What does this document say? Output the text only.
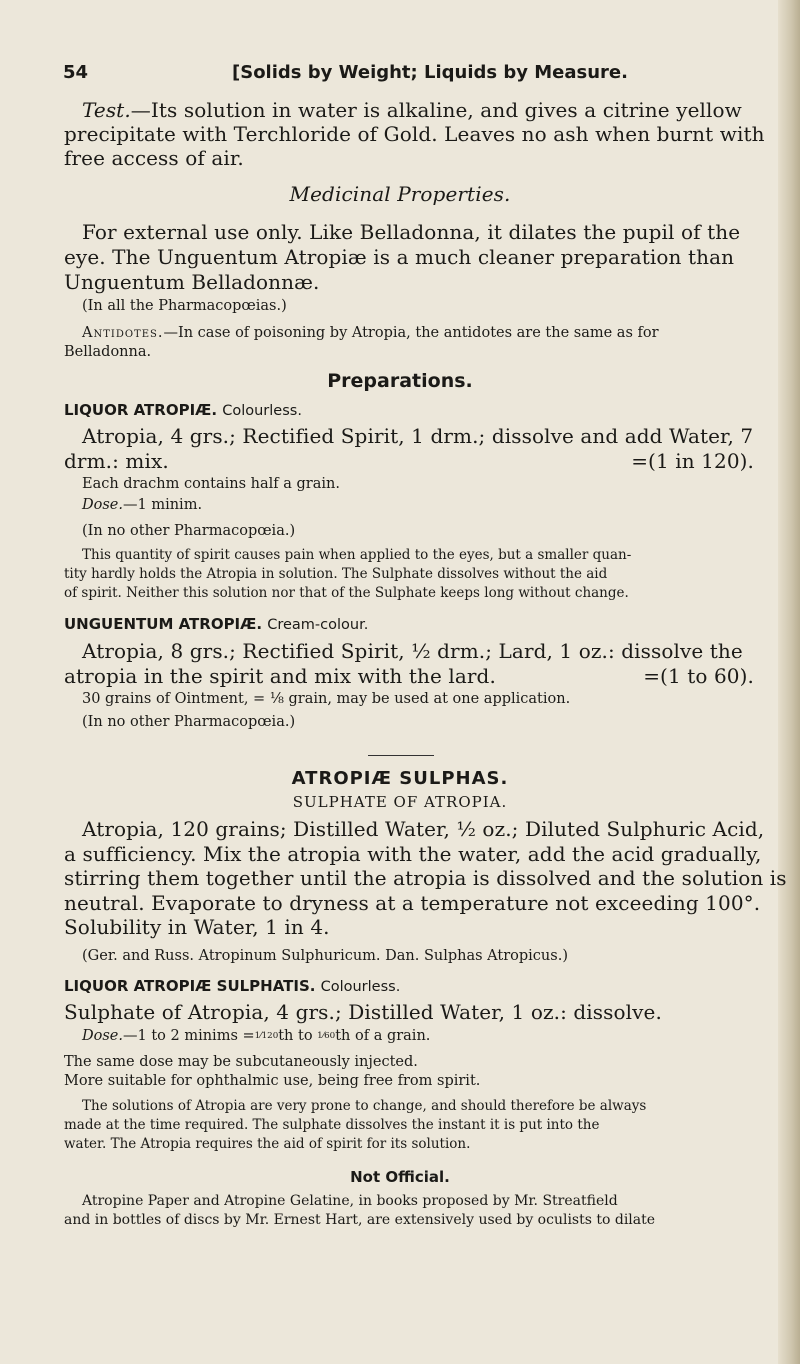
54	[Solids by Weight; Liquids by Measure.
Test.—Its solution in water is alkaline, and gives a citrine yellow
precipitate with Terchloride of Gold. Leaves no ash when burnt with
free access of air.
Medicinal Properties.
For external use only. Like Belladonna, it dilates the pupil of the
eye. The Unguentum Atropiæ is a much cleaner preparation than
Unguentum Belladonnæ.
(In all the Pharmacopœias.)
Antidotes.—In case of poisoning by Atropia, the antidotes are the same as for
Belladonna.
Preparations.
LIQUOR ATROPIÆ. Colourless.
Atropia, 4 grs.; Rectified Spirit, 1 drm.; dissolve and add Water, 7
drm.: mix.	=(1 in 120).
Each drachm contains half a grain.
Dose.—1 minim.
(In no other Pharmacopœia.)
This quantity of spirit causes pain when applied to the eyes, but a smaller quan-
tity hardly holds the Atropia in solution. The Sulphate dissolves without the aid
of spirit. Neither this solution nor that of the Sulphate keeps long without change.
UNGUENTUM ATROPIÆ. Cream-colour.
Atropia, 8 grs.; Rectified Spirit, ½ drm.; Lard, 1 oz.: dissolve the
atropia in the spirit and mix with the lard.	=(1 to 60).
30 grains of Ointment, = ⅛ grain, may be used at one application.
(In no other Pharmacopœia.)
ATROPIÆ SULPHAS.
SULPHATE OF ATROPIA.
Atropia, 120 grains; Distilled Water, ½ oz.; Diluted Sulphuric Acid,
a sufficiency. Mix the atropia with the water, add the acid gradually,
stirring them together until the atropia is dissolved and the solution is
neutral. Evaporate to dryness at a temperature not exceeding 100°.
Solubility in Water, 1 in 4.
(Ger. and Russ. Atropinum Sulphuricum. Dan. Sulphas Atropicus.)
LIQUOR ATROPIÆ SULPHATIS. Colourless.
Sulphate of Atropia, 4 grs.; Distilled Water, 1 oz.: dissolve.
Dose.—1 to 2 minims =1⁄120th to 1⁄60th of a grain.
The same dose may be subcutaneously injected.
More suitable for ophthalmic use, being free from spirit.
The solutions of Atropia are very prone to change, and should therefore be always
made at the time required. The sulphate dissolves the instant it is put into the
water. The Atropia requires the aid of spirit for its solution.
Not Official.
Atropine Paper and Atropine Gelatine, in books proposed by Mr. Streatfield
and in bottles of discs by Mr. Ernest Hart, are extensively used by oculists to dilate
